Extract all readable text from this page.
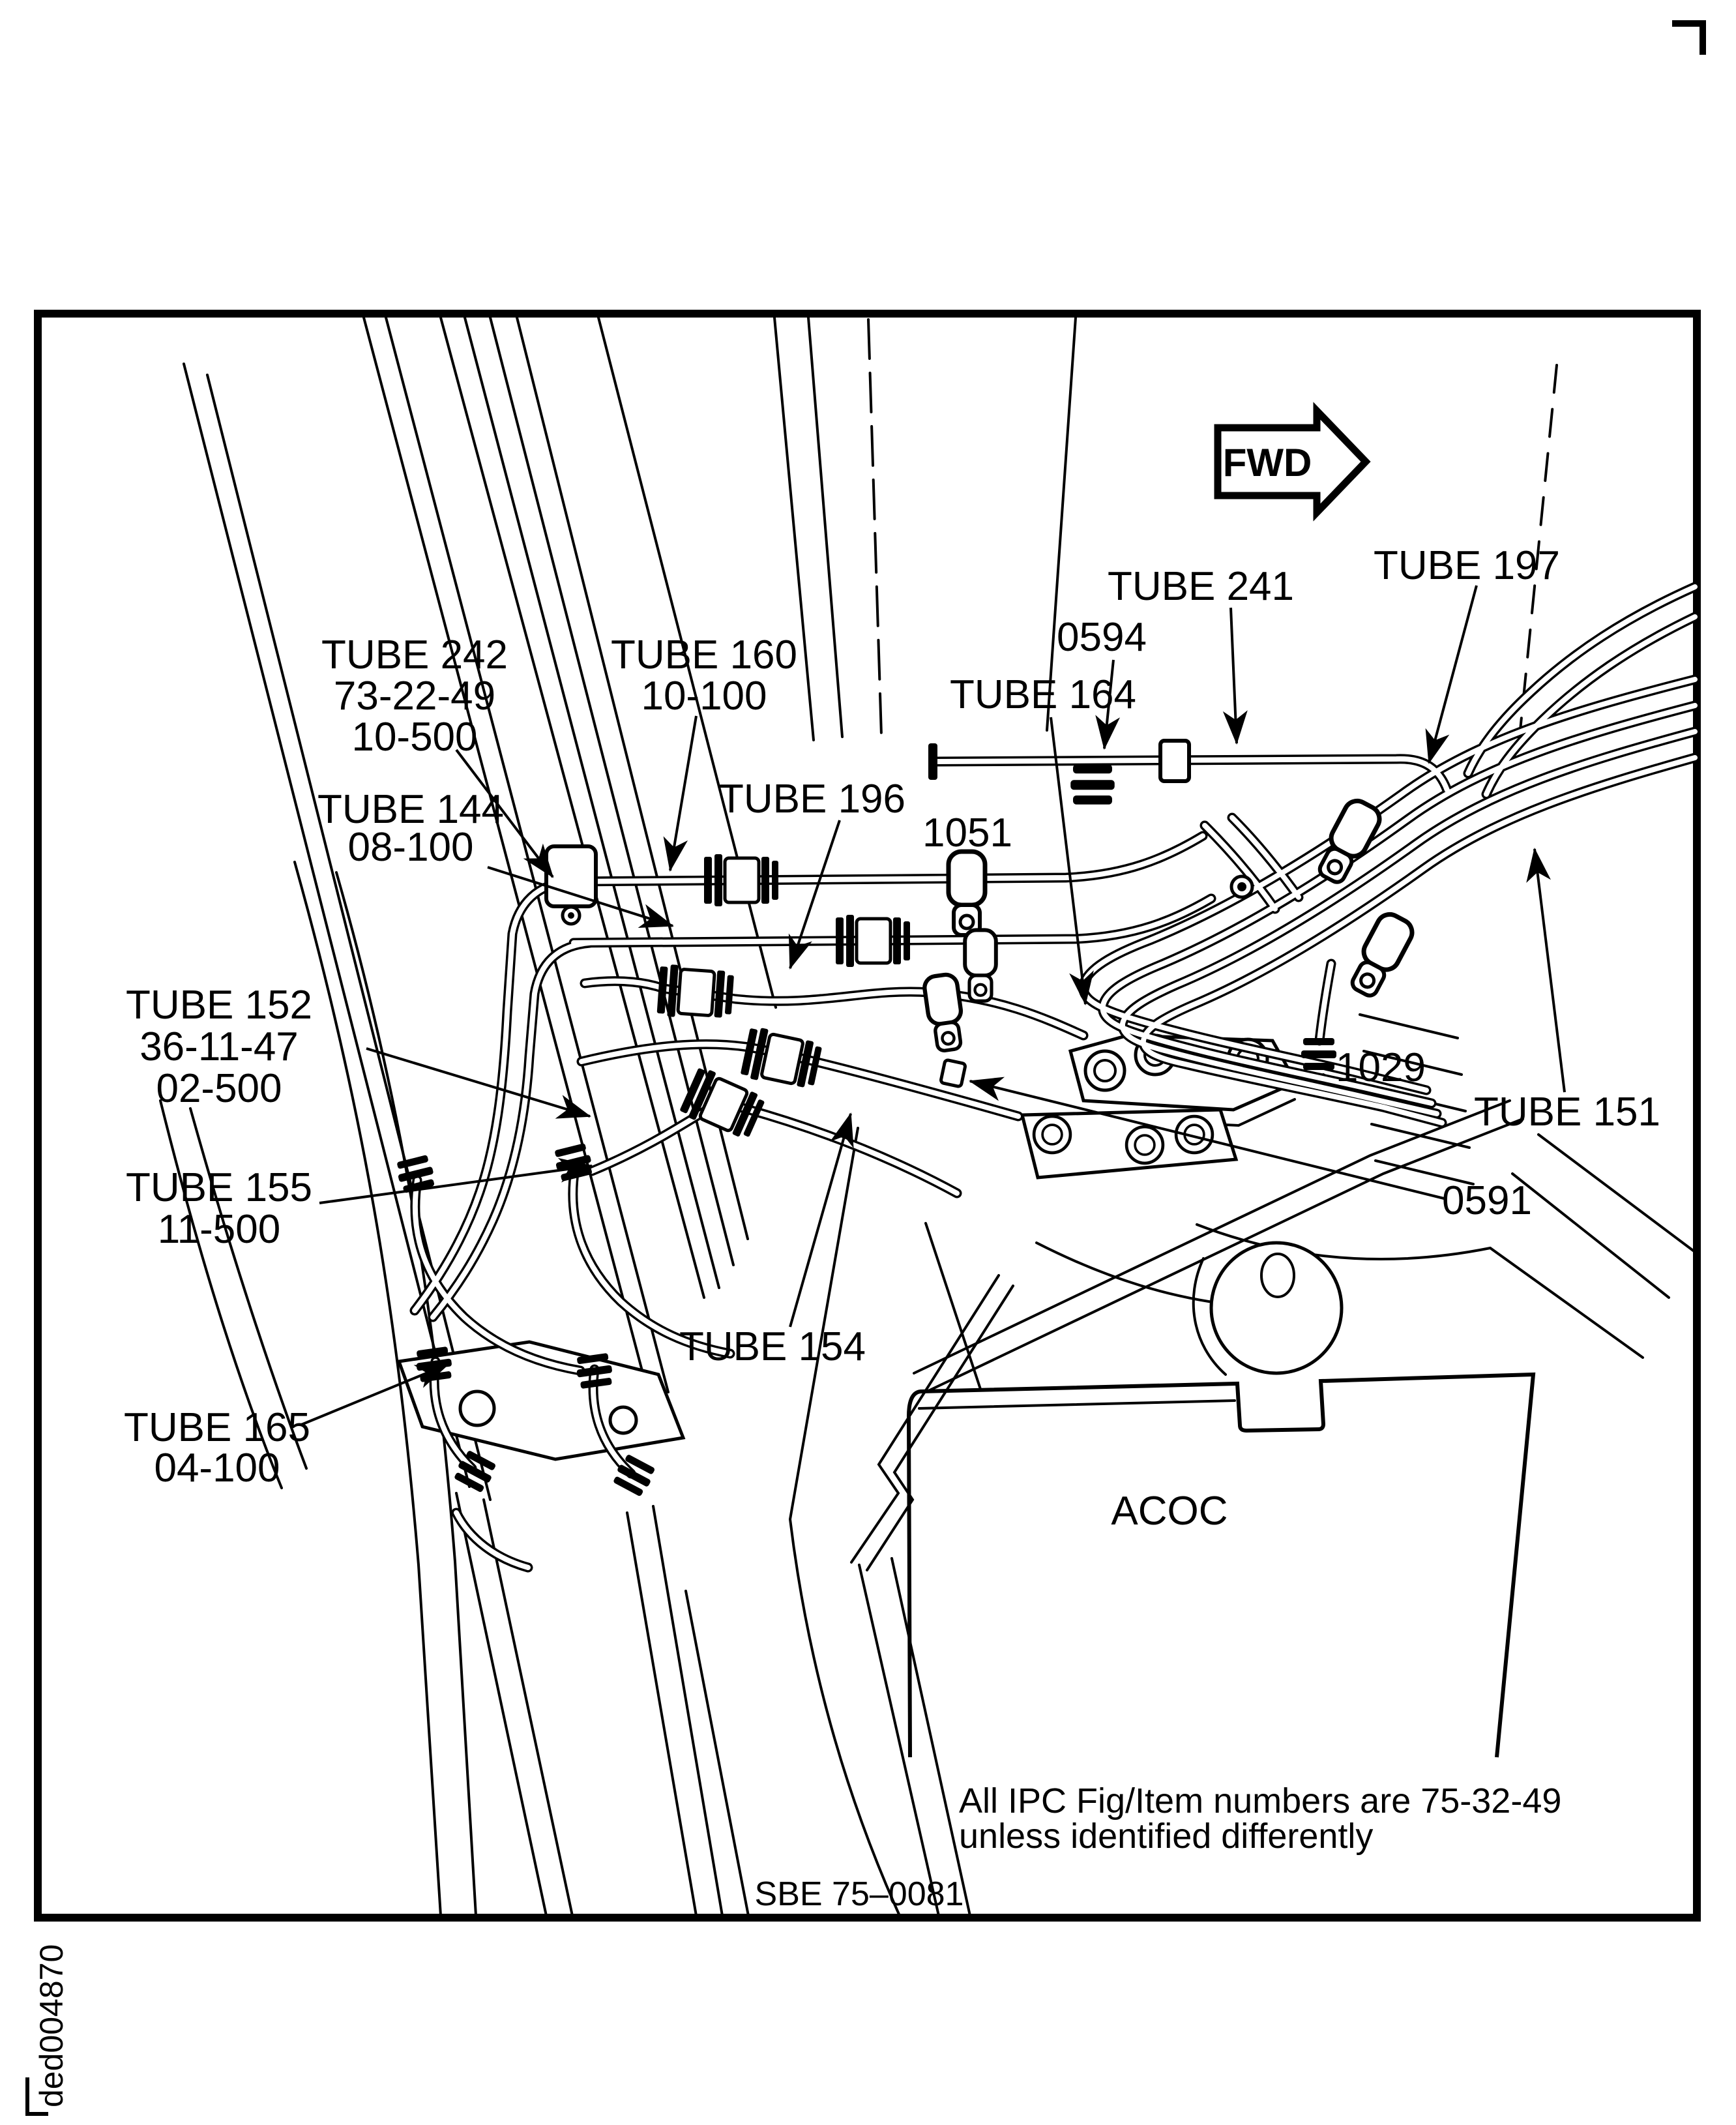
FWD
TUBE 242
73-22-49
10-500
TUBE 160
10-100
TUBE 144
08-100
TUBE 196
1051
TUBE 152
36-11-47
02-500
TUBE 155
11-500
TUBE 165
04-100
TUBE 154
TUBE 164
0594
TUBE 241 TUBE 197
1029
TUBE 151
0591
ACOC
All IPC Fig/Item numbers are 75-32-49
unless identified differently
SBE 75–0081
ded004870
